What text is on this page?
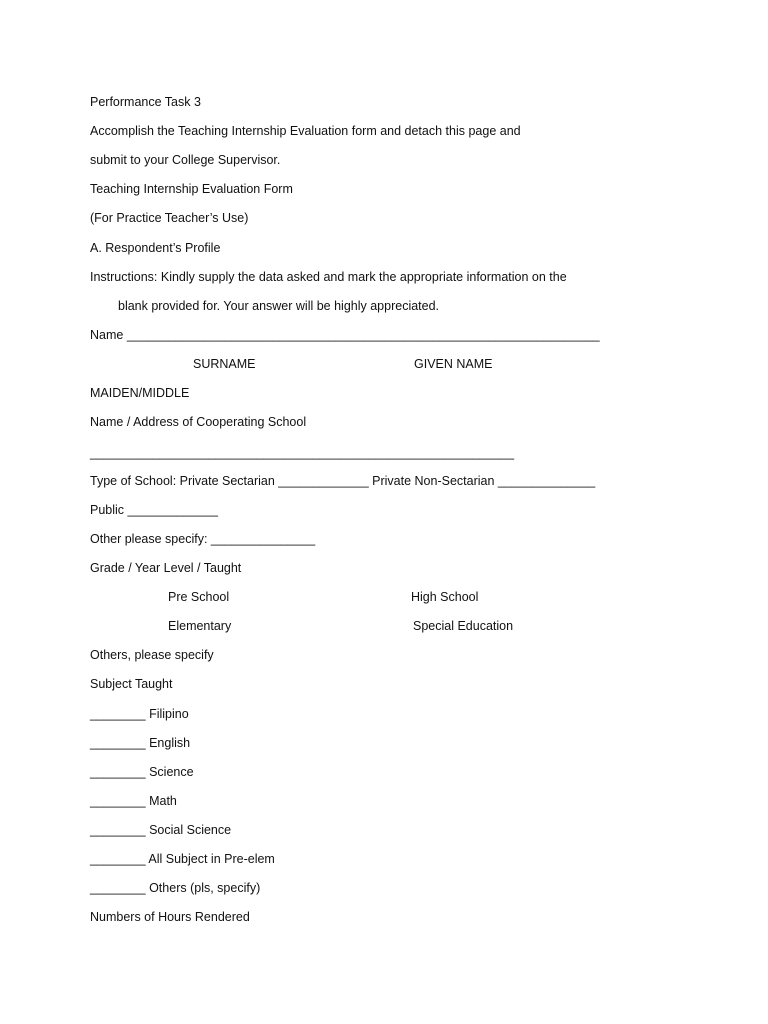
Performance Task 3
Accomplish the Teaching Internship Evaluation form and detach this page and
submit to your College Supervisor.
Teaching Internship Evaluation Form
(For Practice Teacher’s Use)
A. Respondent’s Profile
Instructions: Kindly supply the data asked and mark the appropriate information on the
blank provided for. Your answer will be highly appreciated.
Name ____________________________________________________________________
SURNAME	GIVEN NAME
MAIDEN/MIDDLE
Name / Address of Cooperating School
_____________________________________________________________
Type of School: Private Sectarian _____________ Private Non-Sectarian ______________
Public _____________
Other please specify: _______________
Grade / Year Level / Taught
Pre School	High School
Elementary	Special Education
Others, please specify
Subject Taught
________ Filipino
________ English
________ Science
________ Math
________ Social Science
________ All Subject in Pre-elem
________ Others (pls, specify)
Numbers of Hours Rendered
